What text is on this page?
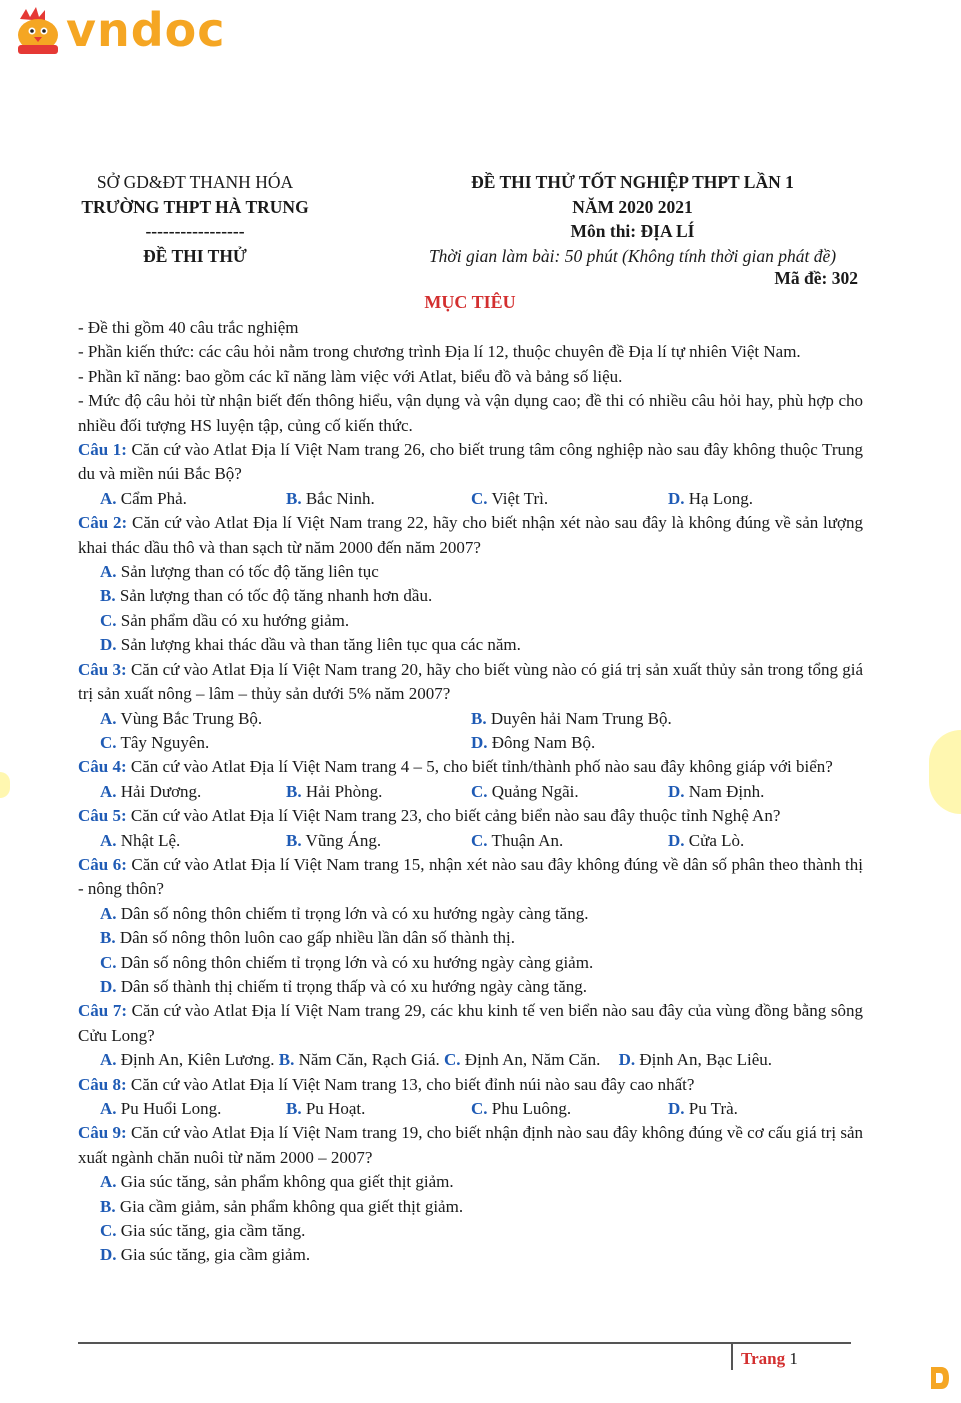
vndoc
SỞ GD&ĐT THANH HÓA
TRƯỜNG THPT HÀ TRUNG
-----------------
ĐỀ THI THỬ
ĐỀ THI THỬ TỐT NGHIỆP THPT LẦN 1
NĂM 2020 2021
Môn thi: ĐỊA LÍ
Thời gian làm bài: 50 phút (Không tính thời gian phát đề)
Mã đề: 302
MỤC TIÊU

- Đề thi gồm 40 câu trắc nghiệm

- Phần kiến thức: các câu hỏi nằm trong chương trình Địa lí 12, thuộc chuyên đề Địa lí tự nhiên Việt Nam.

- Phần kĩ năng: bao gồm các kĩ năng làm việc với Atlat, biểu đồ và bảng số liệu.

- Mức độ câu hỏi từ nhận biết đến thông hiểu, vận dụng và vận dụng cao; đề thi có nhiều câu hỏi hay, phù hợp cho nhiều đối tượng HS luyện tập, củng cố kiến thức.

Câu 1: Căn cứ vào Atlat Địa lí Việt Nam trang 26, cho biết trung tâm công nghiệp nào sau đây không thuộc Trung du và miền núi Bắc Bộ?

A. Cẩm Phả.	B. Bắc Ninh.	C. Việt Trì.	D. Hạ Long.

Câu 2: Căn cứ vào Atlat Địa lí Việt Nam trang 22, hãy cho biết nhận xét nào sau đây là không đúng về sản lượng khai thác dầu thô và than sạch từ năm 2000 đến năm 2007?

A. Sản lượng than có tốc độ tăng liên tục
B. Sản lượng than có tốc độ tăng nhanh hơn dầu.
C. Sản phẩm dầu có xu hướng giảm.
D. Sản lượng khai thác dầu và than tăng liên tục qua các năm.

Câu 3: Căn cứ vào Atlat Địa lí Việt Nam trang 20, hãy cho biết vùng nào có giá trị sản xuất thủy sản trong tổng giá trị sản xuất nông – lâm – thủy sản dưới 5% năm 2007?

A. Vùng Bắc Trung Bộ.	B. Duyên hải Nam Trung Bộ.
C. Tây Nguyên.	D. Đông Nam Bộ.

Câu 4: Căn cứ vào Atlat Địa lí Việt Nam trang 4 – 5, cho biết tỉnh/thành phố nào sau đây không giáp với biển?

A. Hải Dương.	B. Hải Phòng.	C. Quảng Ngãi.	D. Nam Định.

Câu 5: Căn cứ vào Atlat Địa lí Việt Nam trang 23, cho biết cảng biển nào sau đây thuộc tỉnh Nghệ An?

A. Nhật Lệ.	B. Vũng Áng.	C. Thuận An.	D. Cửa Lò.

Câu 6: Căn cứ vào Atlat Địa lí Việt Nam trang 15, nhận xét nào sau đây không đúng về dân số phân theo thành thị - nông thôn?

A. Dân số nông thôn chiếm tỉ trọng lớn và có xu hướng ngày càng tăng.
B. Dân số nông thôn luôn cao gấp nhiều lần dân số thành thị.
C. Dân số nông thôn chiếm tỉ trọng lớn và có xu hướng ngày càng giảm.
D. Dân số thành thị chiếm tỉ trọng thấp và có xu hướng ngày càng tăng.

Câu 7: Căn cứ vào Atlat Địa lí Việt Nam trang 29, các khu kinh tế ven biển nào sau đây của vùng đồng bằng sông Cửu Long?

A. Định An, Kiên Lương. B. Năm Căn, Rạch Giá. C. Định An, Năm Căn. D. Định An, Bạc Liêu.

Câu 8: Căn cứ vào Atlat Địa lí Việt Nam trang 13, cho biết đỉnh núi nào sau đây cao nhất?

A. Pu Huổi Long.	B. Pu Hoạt.	C. Phu Luông.	D. Pu Trà.

Câu 9: Căn cứ vào Atlat Địa lí Việt Nam trang 19, cho biết nhận định nào sau đây không đúng về cơ cấu giá trị sản xuất ngành chăn nuôi từ năm 2000 – 2007?

A. Gia súc tăng, sản phẩm không qua giết thịt giảm.
B. Gia cầm giảm, sản phẩm không qua giết thịt giảm.
C. Gia súc tăng, gia cầm tăng.
D. Gia súc tăng, gia cầm giảm.
Trang 1
